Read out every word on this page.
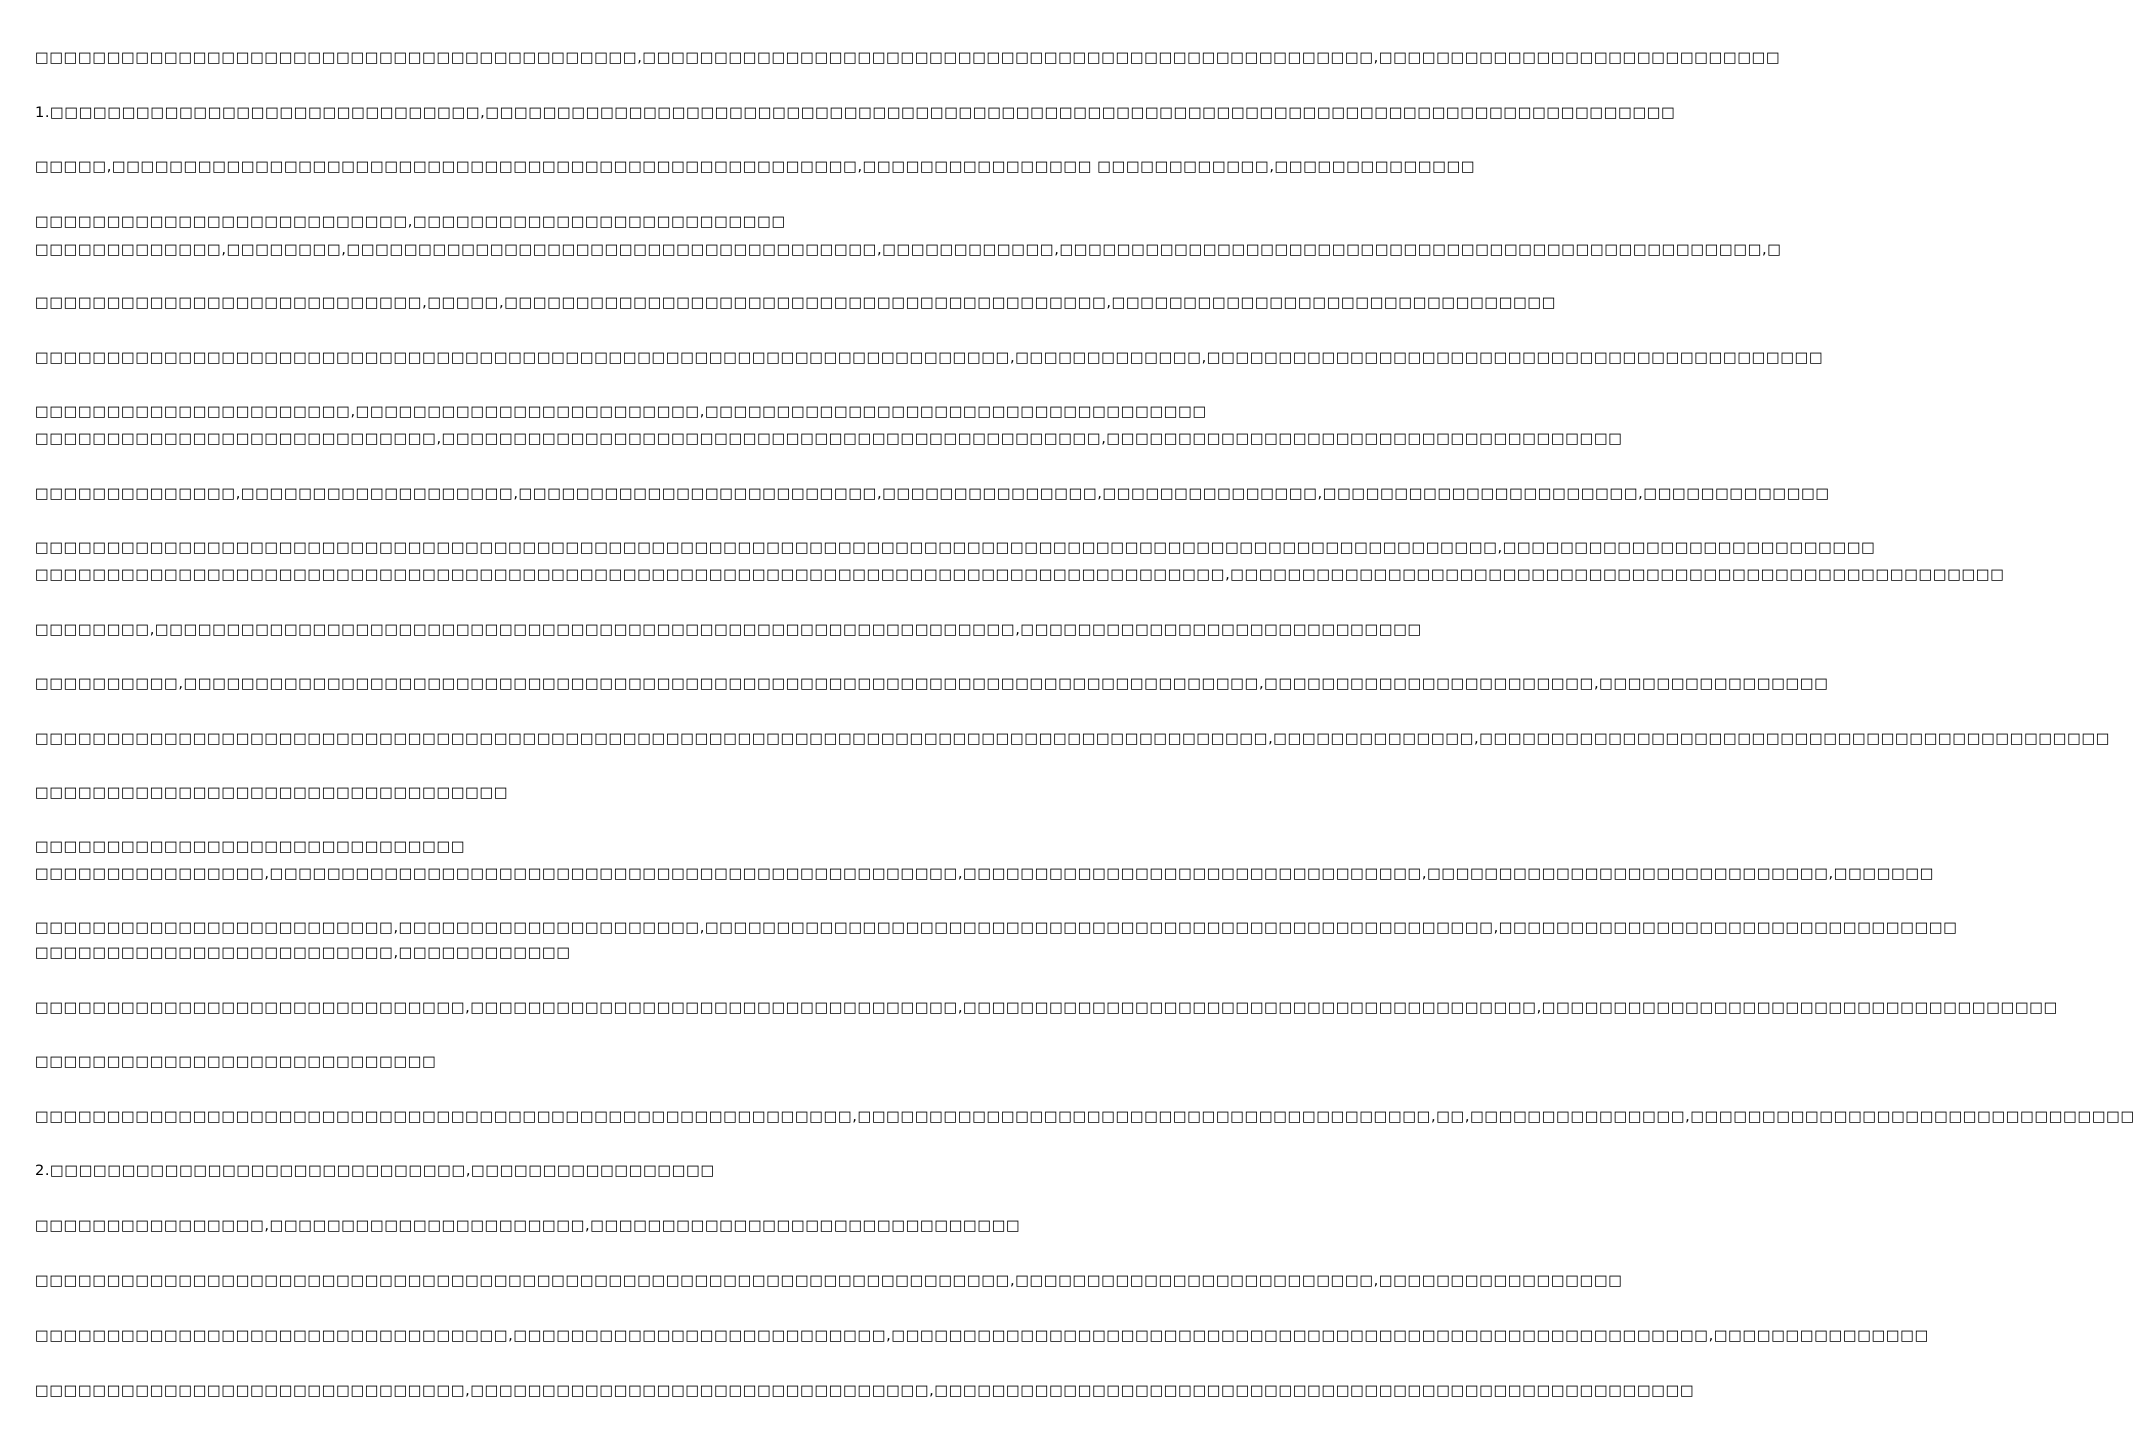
□□□□□□□□□□□□□□□□□□□□□□□□□□□□□□□□□□□□□□□□□□,□□□□□□□□□□□□□□□□□□□□□□□□□□□□□□□□□□□□□□□□□□□□□□□□□□□,□□□□□□□□□□□□□□□□□□□□□□□□□□□□
1.□□□□□□□□□□□□□□□□□□□□□□□□□□□□□□,□□□□□□□□□□□□□□□□□□□□□□□□□□□□□□□□□□□□□□□□□□□□□□□□□□□□□□□□□□□□□□□□□□□□□□□□□□□□□□□□□□□
□□□□□,□□□□□□□□□□□□□□□□□□□□□□□□□□□□□□□□□□□□□□□□□□□□□□□□□□□□,□□□□□□□□□□□□□□□□ □□□□□□□□□□□□,□□□□□□□□□□□□□□
□□□□□□□□□□□□□□□□□□□□□□□□□□,□□□□□□□□□□□□□□□□□□□□□□□□□□
□□□□□□□□□□□□□,□□□□□□□□,□□□□□□□□□□□□□□□□□□□□□□□□□□□□□□□□□□□□□,□□□□□□□□□□□□,□□□□□□□□□□□□□□□□□□□□□□□□□□□□□□□□□□□□□□□□□□□□□□□□□,□
□□□□□□□□□□□□□□□□□□□□□□□□□□□,□□□□□,□□□□□□□□□□□□□□□□□□□□□□□□□□□□□□□□□□□□□□□□□□,□□□□□□□□□□□□□□□□□□□□□□□□□□□□□□□
□□□□□□□□□□□□□□□□□□□□□□□□□□□□□□□□□□□□□□□□□□□□□□□□□□□□□□□□□□□□□□□□□□□□,□□□□□□□□□□□□□,□□□□□□□□□□□□□□□□□□□□□□□□□□□□□□□□□□□□□□□□□□□
□□□□□□□□□□□□□□□□□□□□□□,□□□□□□□□□□□□□□□□□□□□□□□□,□□□□□□□□□□□□□□□□□□□□□□□□□□□□□□□□□□□
□□□□□□□□□□□□□□□□□□□□□□□□□□□□,□□□□□□□□□□□□□□□□□□□□□□□□□□□□□□□□□□□□□□□□□□□□□□,□□□□□□□□□□□□□□□□□□□□□□□□□□□□□□□□□□□□
□□□□□□□□□□□□□□,□□□□□□□□□□□□□□□□□□□,□□□□□□□□□□□□□□□□□□□□□□□□□,□□□□□□□□□□□□□□□,□□□□□□□□□□□□□□□,□□□□□□□□□□□□□□□□□□□□□□,□□□□□□□□□□□□□
□□□□□□□□□□□□□□□□□□□□□□□□□□□□□□□□□□□□□□□□□□□□□□□□□□□□□□□□□□□□□□□□□□□□□□□□□□□□□□□□□□□□□□□□□□□□□□□□□□□□□□,□□□□□□□□□□□□□□□□□□□□□□□□□□
□□□□□□□□□□□□□□□□□□□□□□□□□□□□□□□□□□□□□□□□□□□□□□□□□□□□□□□□□□□□□□□□□□□□□□□□□□□□□□□□□□□,□□□□□□□□□□□□□□□□□□□□□□□□□□□□□□□□□□□□□□□□□□□□□□□□□□□□□□
□□□□□□□□,□□□□□□□□□□□□□□□□□□□□□□□□□□□□□□□□□□□□□□□□□□□□□□□□□□□□□□□□□□□□,□□□□□□□□□□□□□□□□□□□□□□□□□□□□
□□□□□□□□□□,□□□□□□□□□□□□□□□□□□□□□□□□□□□□□□□□□□□□□□□□□□□□□□□□□□□□□□□□□□□□□□□□□□□□□□□□□□□,□□□□□□□□□□□□□□□□□□□□□□□,□□□□□□□□□□□□□□□□
□□□□□□□□□□□□□□□□□□□□□□□□□□□□□□□□□□□□□□□□□□□□□□□□□□□□□□□□□□□□□□□□□□□□□□□□□□□□□□□□□□□□□□,□□□□□□□□□□□□□□,□□□□□□□□□□□□□□□□□□□□□□□□□□□□□□□□□□□□□□□□□□□□
□□□□□□□□□□□□□□□□□□□□□□□□□□□□□□□□□
□□□□□□□□□□□□□□□□□□□□□□□□□□□□□□
□□□□□□□□□□□□□□□□,□□□□□□□□□□□□□□□□□□□□□□□□□□□□□□□□□□□□□□□□□□□□□□□□,□□□□□□□□□□□□□□□□□□□□□□□□□□□□□□□□,□□□□□□□□□□□□□□□□□□□□□□□□□□□□,□□□□□□□
□□□□□□□□□□□□□□□□□□□□□□□□□,□□□□□□□□□□□□□□□□□□□□□,□□□□□□□□□□□□□□□□□□□□□□□□□□□□□□□□□□□□□□□□□□□□□□□□□□□□□□□,□□□□□□□□□□□□□□□□□□□□□□□□□□□□□□□□
□□□□□□□□□□□□□□□□□□□□□□□□□,□□□□□□□□□□□□
□□□□□□□□□□□□□□□□□□□□□□□□□□□□□□,□□□□□□□□□□□□□□□□□□□□□□□□□□□□□□□□□□,□□□□□□□□□□□□□□□□□□□□□□□□□□□□□□□□□□□□□□□□,□□□□□□□□□□□□□□□□□□□□□□□□□□□□□□□□□□□□
□□□□□□□□□□□□□□□□□□□□□□□□□□□□
□□□□□□□□□□□□□□□□□□□□□□□□□□□□□□□□□□□□□□□□□□□□□□□□□□□□□□□□□,□□□□□□□□□□□□□□□□□□□□□□□□□□□□□□□□□□□□□□□□,□□,□□□□□□□□□□□□□□□,□□□□□□□□□□□□□□□□□□□□□□□□□□□□□□□
2.□□□□□□□□□□□□□□□□□□□□□□□□□□□□□,□□□□□□□□□□□□□□□□□
□□□□□□□□□□□□□□□□,□□□□□□□□□□□□□□□□□□□□□□,□□□□□□□□□□□□□□□□□□□□□□□□□□□□□□
□□□□□□□□□□□□□□□□□□□□□□□□□□□□□□□□□□□□□□□□□□□□□□□□□□□□□□□□□□□□□□□□□□□□,□□□□□□□□□□□□□□□□□□□□□□□□□,□□□□□□□□□□□□□□□□□
□□□□□□□□□□□□□□□□□□□□□□□□□□□□□□□□□,□□□□□□□□□□□□□□□□□□□□□□□□□□,□□□□□□□□□□□□□□□□□□□□□□□□□□□□□□□□□□□□□□□□□□□□□□□□□□□□□□□□□,□□□□□□□□□□□□□□□
□□□□□□□□□□□□□□□□□□□□□□□□□□□□□□,□□□□□□□□□□□□□□□□□□□□□□□□□□□□□□□□,□□□□□□□□□□□□□□□□□□□□□□□□□□□□□□□□□□□□□□□□□□□□□□□□□□□□□
